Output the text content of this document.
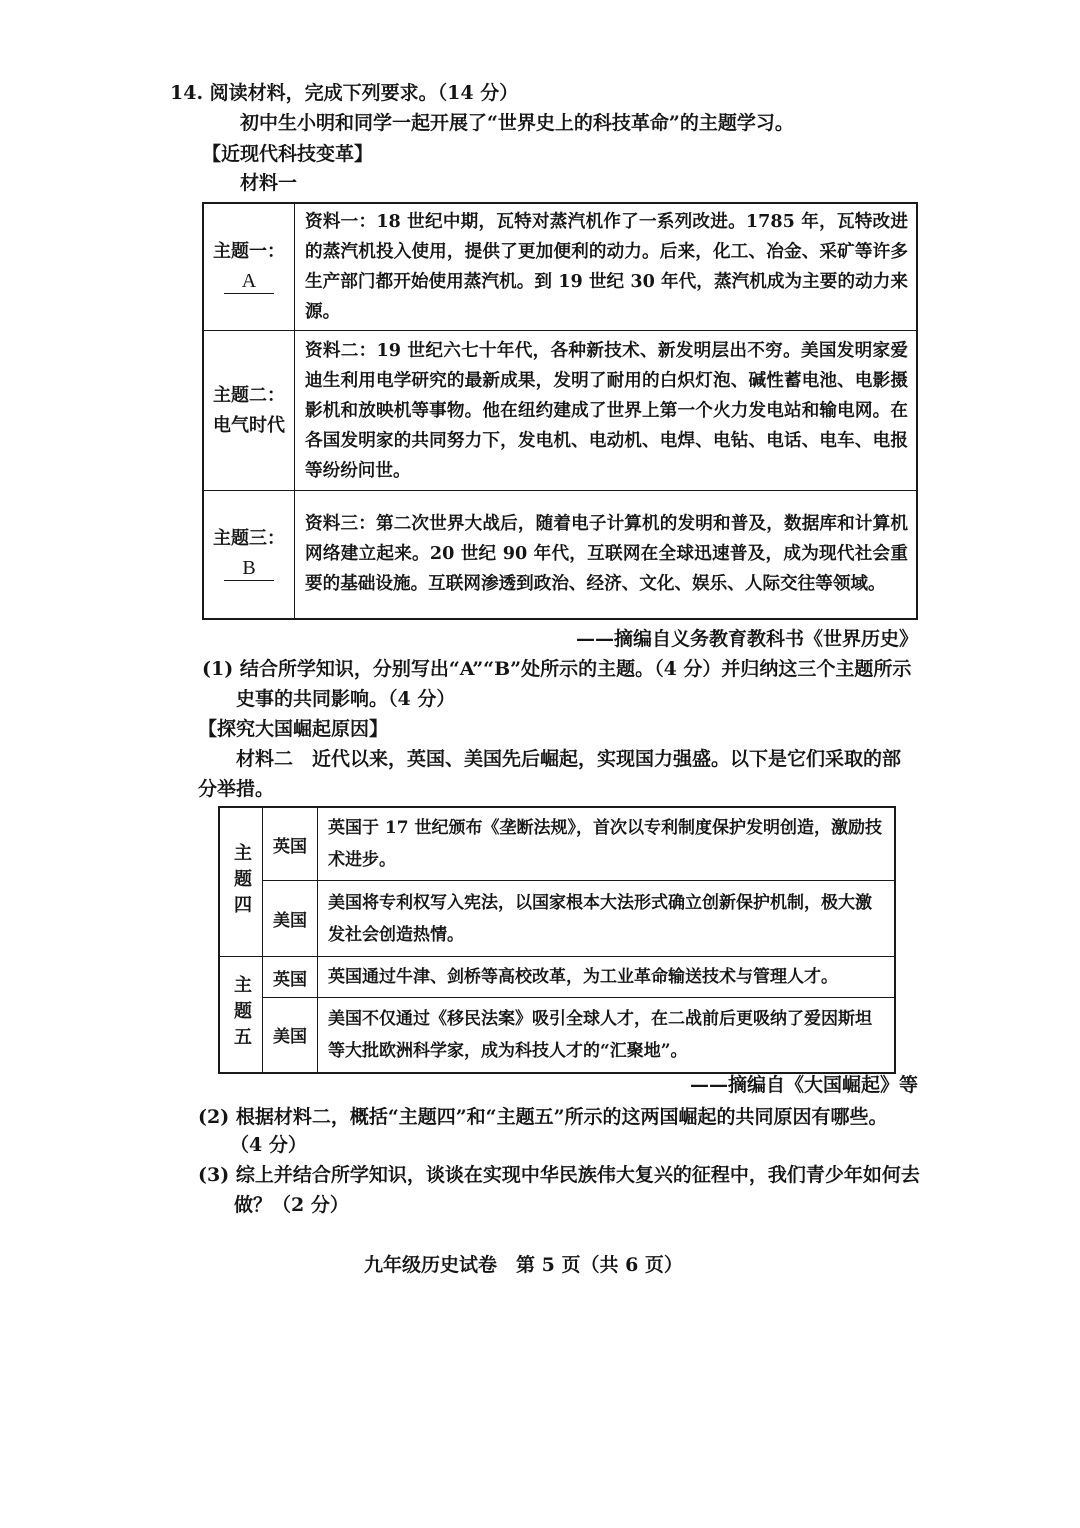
14. 阅读材料，完成下列要求。（14 分）
初中生小明和同学一起开展了“世界史上的科技革命”的主题学习。
【近现代科技变革】
材料一
主题一：
A	资料一：18 世纪中期，瓦特对蒸汽机作了一系列改进。1785 年，瓦特改进的蒸汽机投入使用，提供了更加便利的动力。后来，化工、冶金、采矿等许多生产部门都开始使用蒸汽机。到 19 世纪 30 年代，蒸汽机成为主要的动力来源。

主题二：
电气时代	资料二：19 世纪六七十年代，各种新技术、新发明层出不穷。美国发明家爱迪生利用电学研究的最新成果，发明了耐用的白炽灯泡、碱性蓄电池、电影摄影机和放映机等事物。他在纽约建成了世界上第一个火力发电站和输电网。在各国发明家的共同努力下，发电机、电动机、电焊、电钻、电话、电车、电报等纷纷问世。

主题三：
B	资料三：第二次世界大战后，随着电子计算机的发明和普及，数据库和计算机网络建立起来。20 世纪 90 年代，互联网在全球迅速普及，成为现代社会重要的基础设施。互联网渗透到政治、经济、文化、娱乐、人际交往等领域。
——摘编自义务教育教科书《世界历史》
(1) 结合所学知识，分别写出“A”“B”处所示的主题。（4 分）并归纳这三个主题所示
史事的共同影响。（4 分）
【探究大国崛起原因】
材料二　近代以来，英国、美国先后崛起，实现国力强盛。以下是它们采取的部
分举措。
主题四	英国	英国于 17 世纪颁布《垄断法规》，首次以专利制度保护发明创造，激励技术进步。
	美国	美国将专利权写入宪法，以国家根本大法形式确立创新保护机制，极大激发社会创造热情。
主题五	英国	英国通过牛津、剑桥等高校改革，为工业革命输送技术与管理人才。
	美国	美国不仅通过《移民法案》吸引全球人才，在二战前后更吸纳了爱因斯坦等大批欧洲科学家，成为科技人才的“汇聚地”。
——摘编自《大国崛起》等
(2) 根据材料二，概括“主题四”和“主题五”所示的这两国崛起的共同原因有哪些。
（4 分）
(3) 综上并结合所学知识，谈谈在实现中华民族伟大复兴的征程中，我们青少年如何去
做？（2 分）
九年级历史试卷　第 5 页（共 6 页）
